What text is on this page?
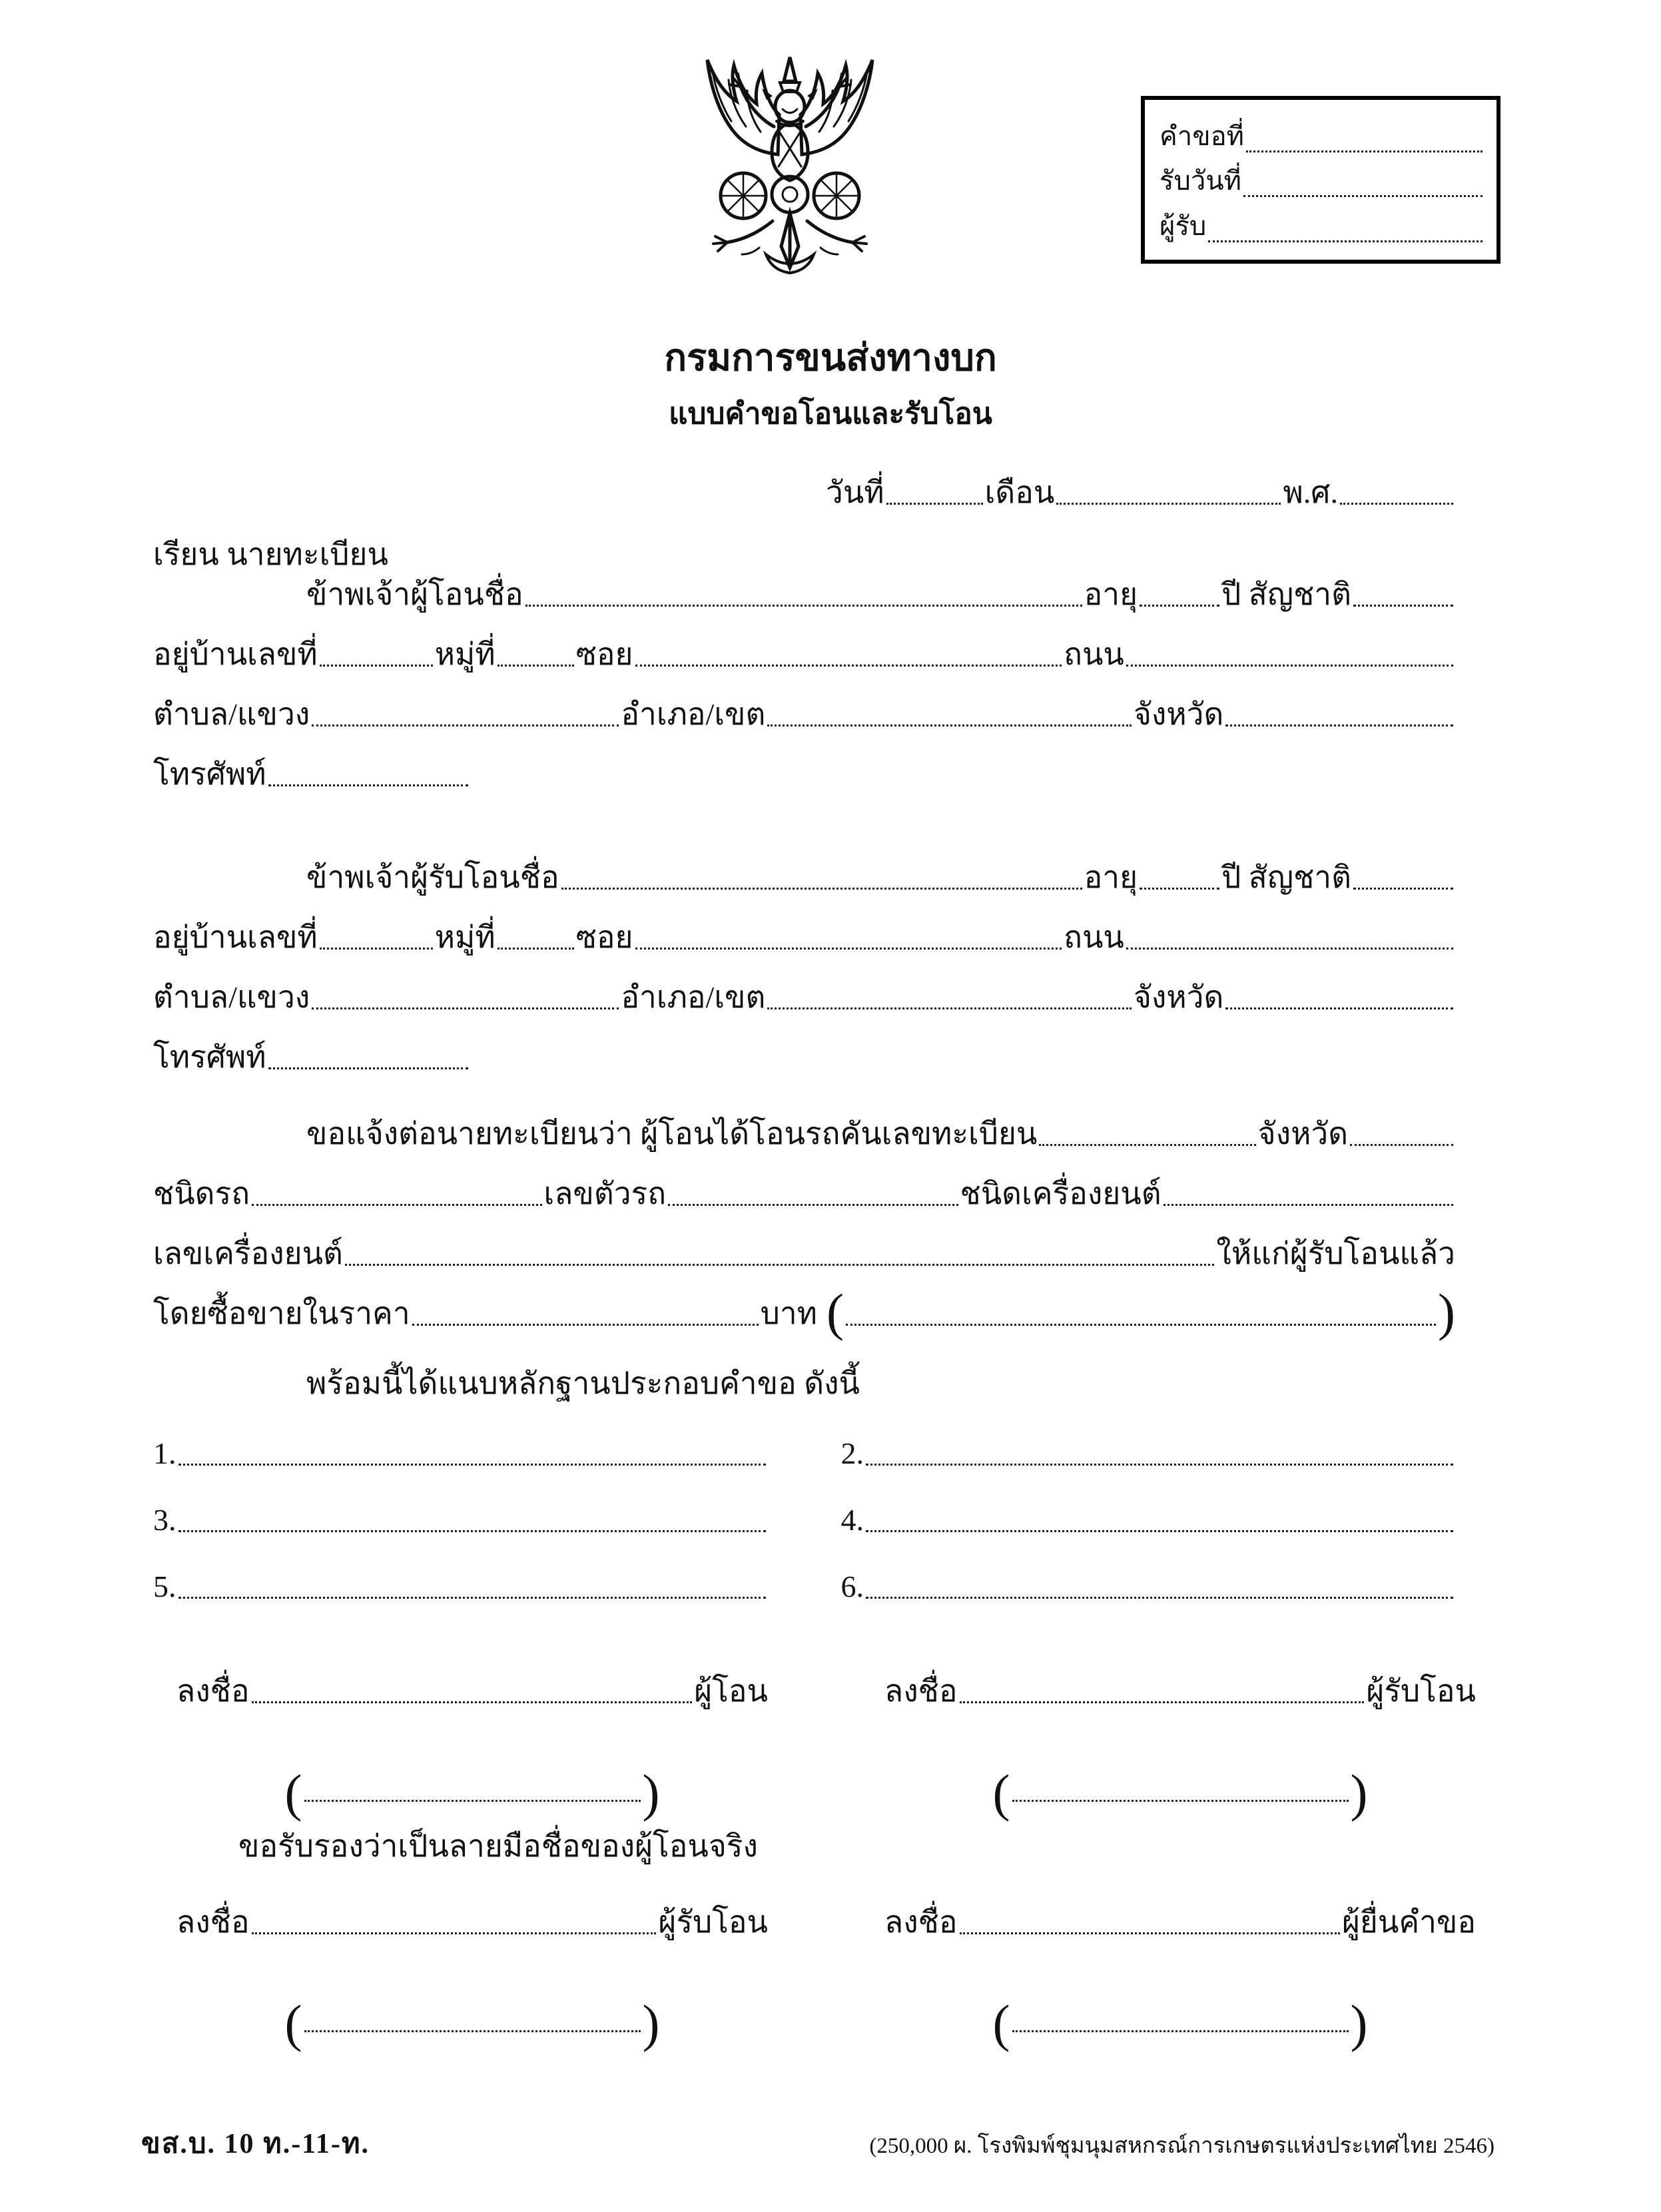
คำขอที่
รับวันที่
ผู้รับ
กรมการขนส่งทางบก
แบบคำขอโอนและรับโอน
วันที่	เดือน	พ.ศ.
เรียน นายทะเบียน
ข้าพเจ้าผู้โอนชื่อ	อายุ	ปี สัญชาติ
อยู่บ้านเลขที่	หมู่ที่	ซอย	ถนน
ตำบล/แขวง	อำเภอ/เขต	จังหวัด
โทรศัพท์
ข้าพเจ้าผู้รับโอนชื่อ	อายุ	ปี สัญชาติ
อยู่บ้านเลขที่	หมู่ที่	ซอย	ถนน
ตำบล/แขวง	อำเภอ/เขต	จังหวัด
โทรศัพท์
ขอแจ้งต่อนายทะเบียนว่า ผู้โอนได้โอนรถคันเลขทะเบียน	จังหวัด
ชนิดรถ	เลขตัวรถ	ชนิดเครื่องยนต์
เลขเครื่องยนต์	ให้แก่ผู้รับโอนแล้ว
โดยซื้อขายในราคา	บาท (	)
พร้อมนี้ได้แนบหลักฐานประกอบคำขอ ดังนี้
1.	2.
3.	4.
5.	6.
ลงชื่อ	ผู้โอน	ลงชื่อ	ผู้รับโอน
(	)	(	)
ขอรับรองว่าเป็นลายมือชื่อของผู้โอนจริง
ลงชื่อ	ผู้รับโอน	ลงชื่อ	ผู้ยื่นคำขอ
(	)	(	)
ขส.บ. 10 ท.-11-ท.	(250,000 ผ. โรงพิมพ์ชุมนุมสหกรณ์การเกษตรแห่งประเทศไทย 2546)
